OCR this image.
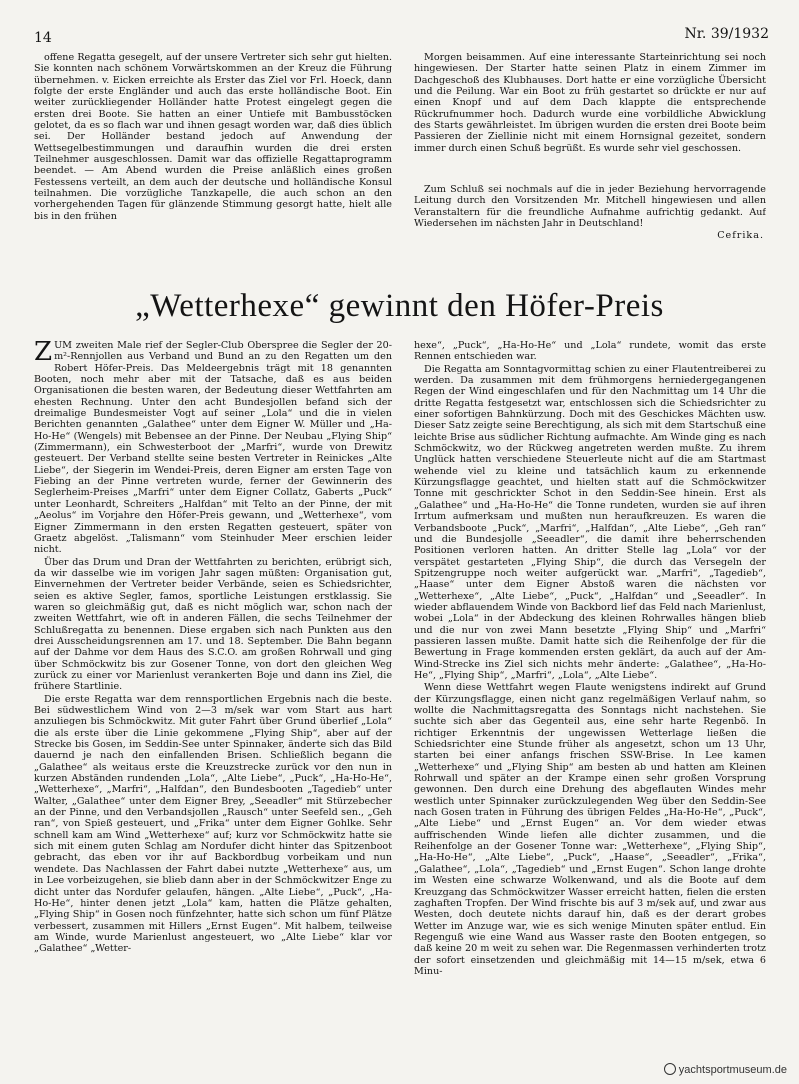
14	Nr. 39/1932

offene Regatta gesegelt, auf der unsere Vertreter sich sehr gut hielten. Sie konnten nach schönem Vorwärtskommen an der Kreuz die Führung übernehmen. v. Eicken erreichte als Erster das Ziel vor Frl. Hoeck, dann folgte der erste Engländer und auch das erste holländische Boot. Ein weiter zurückliegender Holländer hatte Protest eingelegt gegen die ersten drei Boote. Sie hatten an einer Untiefe mit Bambusstöcken gelotet, da es so flach war und ihnen gesagt worden war, daß dies üblich sei. Der Holländer bestand jedoch auf Anwendung der Wettsegelbestimmungen und daraufhin wurden die drei ersten Teilnehmer ausgeschlossen. Damit war das offizielle Regattaprogramm beendet. — Am Abend wurden die Preise anläßlich eines großen Festessens verteilt, an dem auch der deutsche und holländische Konsul teilnahmen. Die vorzügliche Tanzkapelle, die auch schon an den vorhergehenden Tagen für glänzende Stimmung gesorgt hatte, hielt alle bis in den frühen

Morgen beisammen. Auf eine interessante Starteinrichtung sei noch hingewiesen. Der Starter hatte seinen Platz in einem Zimmer im Dachgeschoß des Klubhauses. Dort hatte er eine vorzügliche Übersicht und die Peilung. War ein Boot zu früh gestartet so drückte er nur auf einen Knopf und auf dem Dach klappte die entsprechende Rückrufnummer hoch. Dadurch wurde eine vorbildliche Abwicklung des Starts gewährleistet. Im übrigen wurden die ersten drei Boote beim Passieren der Ziellinie nicht mit einem Hornsignal gezeitet, sondern immer durch einen Schuß begrüßt. Es wurde sehr viel geschossen.

Zum Schluß sei nochmals auf die in jeder Beziehung hervorragende Leitung durch den Vorsitzenden Mr. Mitchell hingewiesen und allen Veranstaltern für die freundliche Aufnahme aufrichtig gedankt. Auf Wiedersehen im nächsten Jahr in Deutschland!

Cefrika.
„Wetterhexe“ gewinnt den Höfer-Preis

ZUM zweiten Male rief der Segler-Club Oberspree die Segler der 20-m²-Rennjollen aus Verband und Bund an zu den Regatten um den Robert Höfer-Preis. Das Meldeergebnis trägt mit 18 genannten Booten, noch mehr aber mit der Tatsache, daß es aus beiden Organisationen die besten waren, der Bedeutung dieser Wettfahrten am ehesten Rechnung. Unter den acht Bundesjollen befand sich der dreimalige Bundesmeister Vogt auf seiner „Lola“ und die in vielen Berichten genannten „Galathee“ unter dem Eigner W. Müller und „Ha-Ho-He“ (Wengels) mit Bebensee an der Pinne. Der Neubau „Flying Ship“ (Zimmermann), ein Schwesterboot der „Marfri“, wurde von Drewitz gesteuert. Der Verband stellte seine besten Vertreter in Reinickes „Alte Liebe“, der Siegerin im Wendei-Preis, deren Eigner am ersten Tage von Fiebing an der Pinne vertreten wurde, ferner der Gewinnerin des Seglerheim-Preises „Marfri“ unter dem Eigner Collatz, Gaberts „Puck“ unter Leonhardt, Schreiters „Halfdan“ mit Telto an der Pinne, der mit „Aeolus“ im Vorjahre den Höfer-Preis gewann, und „Wetterhexe“, vom Eigner Zimmermann in den ersten Regatten gesteuert, später von Graetz abgelöst. „Talismann“ vom Steinhuder Meer erschien leider nicht.

Über das Drum und Dran der Wettfahrten zu berichten, erübrigt sich, da wir dasselbe wie im vorigen Jahr sagen müßten: Organisation gut, Einvernehmen der Vertreter beider Verbände, seien es Schiedsrichter, seien es aktive Segler, famos, sportliche Leistungen erstklassig. Sie waren so gleichmäßig gut, daß es nicht möglich war, schon nach der zweiten Wettfahrt, wie oft in anderen Fällen, die sechs Teilnehmer der Schlußregatta zu benennen. Diese ergaben sich nach Punkten aus den drei Ausscheidungsrennen am 17. und 18. September. Die Bahn begann auf der Dahme vor dem Haus des S.C.O. am großen Rohrwall und ging über Schmöckwitz bis zur Gosener Tonne, von dort den gleichen Weg zurück zu einer vor Marienlust verankerten Boje und dann ins Ziel, die frühere Startlinie.

Die erste Regatta war dem rennsportlichen Ergebnis nach die beste. Bei südwestlichem Wind von 2—3 m/sek war vom Start aus hart anzuliegen bis Schmöckwitz. Mit guter Fahrt über Grund überlief „Lola“ die als erste über die Linie gekommene „Flying Ship“, aber auf der Strecke bis Gosen, im Seddin-See unter Spinnaker, änderte sich das Bild dauernd je nach den einfallenden Brisen. Schließlich begann die „Galathee“ als weitaus erste die Kreuzstrecke zurück vor den nun in kurzen Abständen rundenden „Lola“, „Alte Liebe“, „Puck“, „Ha-Ho-He“, „Wetterhexe“, „Marfri“, „Halfdan“, den Bundesbooten „Tagedieb“ unter Walter, „Galathee“ unter dem Eigner Brey, „Seeadler“ mit Stürzebecher an der Pinne, und den Verbandsjollen „Rausch“ unter Seefeld sen., „Geh ran“, von Spieß gesteuert, und „Frika“ unter dem Eigner Gohlke. Sehr schnell kam am Wind „Wetterhexe“ auf; kurz vor Schmöckwitz hatte sie sich mit einem guten Schlag am Nordufer dicht hinter das Spitzenboot gebracht, das eben vor ihr auf Backbordbug vorbeikam und nun wendete. Das Nachlassen der Fahrt dabei nutzte „Wetterhexe“ aus, um in Lee vorbeizugehen, sie blieb dann aber in der Schmöckwitzer Enge zu dicht unter das Nordufer gelaufen, hängen. „Alte Liebe“, „Puck“, „Ha-Ho-He“, hinter denen jetzt „Lola“ kam, hatten die Plätze gehalten, „Flying Ship“ in Gosen noch fünfzehnter, hatte sich schon um fünf Plätze verbessert, zusammen mit Hillers „Ernst Eugen“. Mit halbem, teilweise am Winde, wurde Marienlust angesteuert, wo „Alte Liebe“ klar vor „Galathee“ „Wetter-

hexe“, „Puck“, „Ha-Ho-He“ und „Lola“ rundete, womit das erste Rennen entschieden war.

Die Regatta am Sonntagvormittag schien zu einer Flautentreiberei zu werden. Da zusammen mit dem frühmorgens herniedergegangenen Regen der Wind eingeschlafen und für den Nachmittag um 14 Uhr die dritte Regatta festgesetzt war, entschlossen sich die Schiedsrichter zu einer sofortigen Bahnkürzung. Doch mit des Geschickes Mächten usw. Dieser Satz zeigte seine Berechtigung, als sich mit dem Startschuß eine leichte Brise aus südlicher Richtung aufmachte. Am Winde ging es nach Schmöckwitz, wo der Rückweg angetreten werden mußte. Zu ihrem Unglück hatten verschiedene Steuerleute nicht auf die am Startmast wehende viel zu kleine und tatsächlich kaum zu erkennende Kürzungsflagge geachtet, und hielten statt auf die Schmöckwitzer Tonne mit geschrickter Schot in den Seddin-See hinein. Erst als „Galathee“ und „Ha-Ho-He“ die Tonne rundeten, wurden sie auf ihren Irrtum aufmerksam und mußten nun heraufkreuzen. Es waren die Verbandsboote „Puck“, „Marfri“, „Halfdan“, „Alte Liebe“, „Geh ran“ und die Bundesjolle „Seeadler“, die damit ihre beherrschenden Positionen verloren hatten. An dritter Stelle lag „Lola“ vor der verspätet gestarteten „Flying Ship“, die durch das Versegeln der Spitzengruppe noch weiter aufgerückt war. „Marfri“, „Tagedieb“, „Haase“ unter dem Eigner Abstoß waren die nächsten vor „Wetterhexe“, „Alte Liebe“, „Puck“, „Halfdan“ und „Seeadler“. In wieder abflauendem Winde von Backbord lief das Feld nach Marienlust, wobei „Lola“ in der Abdeckung des kleinen Rohrwalles hängen blieb und die nur von zwei Mann besetzte „Flying Ship“ und „Marfri“ passieren lassen mußte. Damit hatte sich die Reihenfolge der für die Bewertung in Frage kommenden ersten geklärt, da auch auf der Am-Wind-Strecke ins Ziel sich nichts mehr änderte: „Galathee“, „Ha-Ho-He“, „Flying Ship“, „Marfri“, „Lola“, „Alte Liebe“.

Wenn diese Wettfahrt wegen Flaute wenigstens indirekt auf Grund der Kürzungsflagge, einen nicht ganz regelmäßigen Verlauf nahm, so wollte die Nachmittagsregatta des Sonntags nicht nachstehen. Sie suchte sich aber das Gegenteil aus, eine sehr harte Regenbö. In richtiger Erkenntnis der ungewissen Wetterlage ließen die Schiedsrichter eine Stunde früher als angesetzt, schon um 13 Uhr, starten bei einer anfangs frischen SSW-Brise. In Lee kamen „Wetterhexe“ und „Flying Ship“ am besten ab und hatten am Kleinen Rohrwall und später an der Krampe einen sehr großen Vorsprung gewonnen. Den durch eine Drehung des abgeflauten Windes mehr westlich unter Spinnaker zurückzulegenden Weg über den Seddin-See nach Gosen traten in Führung des übrigen Feldes „Ha-Ho-He“, „Puck“, „Alte Liebe“ und „Ernst Eugen“ an. Vor dem wieder etwas auffrischenden Winde liefen alle dichter zusammen, und die Reihenfolge an der Gosener Tonne war: „Wetterhexe“, „Flying Ship“, „Ha-Ho-He“, „Alte Liebe“, „Puck“, „Haase“, „Seeadler“, „Frika“, „Galathee“, „Lola“, „Tagedieb“ und „Ernst Eugen“. Schon lange drohte im Westen eine schwarze Wolkenwand, und als die Boote auf dem Kreuzgang das Schmöckwitzer Wasser erreicht hatten, fielen die ersten zaghaften Tropfen. Der Wind frischte bis auf 3 m/sek auf, und zwar aus Westen, doch deutete nichts darauf hin, daß es der derart grobes Wetter im Anzuge war, wie es sich wenige Minuten später entlud. Ein Regenguß wie eine Wand aus Wasser raste den Booten entgegen, so daß keine 20 m weit zu sehen war. Die Regenmassen verhinderten trotz der sofort einsetzenden und gleichmäßig mit 14—15 m/sek, etwa 6 Minu-

yachtsportmuseum.de
